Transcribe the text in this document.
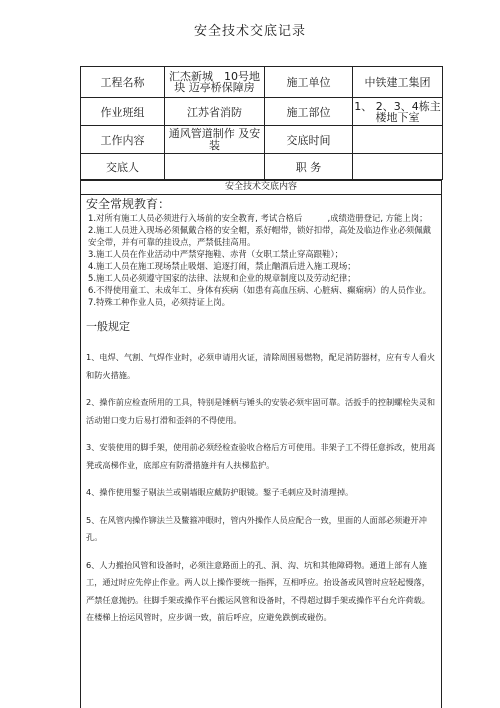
安全技术交底记录
工程名称	汇杰新城　10号地块 迈亭桥保障房	施工单位	中铁建工集团
作业班组	江苏省消防	施工部位	1、 2、3、4栋主楼地下室
工作内容	通风管道制作 及安装	交底时间	
交底人		职 务	
安全技术交底内容

安全常规教育：

1.对所有施工人员必须进行入场前的安全教育, 考试合格后　　　,成绩造册登记, 方能上岗；

2.施工人员进入现场必须佩戴合格的安全帽，系好帽带，锁好扣带，高处及临边作业必须佩戴安全带，并有可靠的挂设点，严禁低挂高用。

3.施工人员在作业活动中严禁穿拖鞋、赤背（女职工禁止穿高跟鞋）；

4.施工人员在施工现场禁止吸烟、追逐打闹，禁止酗酒后进入施工现场；

5.施工人员必须遵守国家的法律、法规和企业的规章制度以及劳动纪律；

6.不得使用童工、未成年工、身体有疾病（如患有高血压病、心脏病、癫痫病）的人员作业。

7.特殊工种作业人员，必须持证上岗。

一般规定

1、电焊、气割、气焊作业时，必须申请用火证，清除周围易燃物，配足消防器材，应有专人看火和防火措施。

2、操作前应检查所用的工具，特别是锤柄与锤头的安装必须牢固可靠。活扳手的控制螺栓失灵和活动钳口变力后易打滑和歪斜的不得使用。

3、安装使用的脚手架，使用前必须经检查验收合格后方可使用。非架子工不得任意拆改，使用高凳或高梯作业，底部应有防滑措施并有人扶梯监护。

4、操作使用錾子剔法兰或剔墙眼应戴防护眼镜。錾子毛刺应及时清理掉。

5、在风管内操作铆法兰及鳖箍冲眼时，管内外操作人员应配合一致，里面的人面部必须避开冲孔。

6、人力搬抬风管和设备时，必须注意路面上的孔、洞、沟、坑和其他障碍物。通道上部有人施工，通过时应先停止作业。两人以上操作要统一指挥，互相呼应。抬设备或风管时应轻起慢落，严禁任意抛扔。往脚手架或操作平台搬运风管和设备时，不得超过脚手架或操作平台允许荷载。在楼梯上抬运风管时，应步调一致，前后呼应，应避免跌倒或碰伤。
